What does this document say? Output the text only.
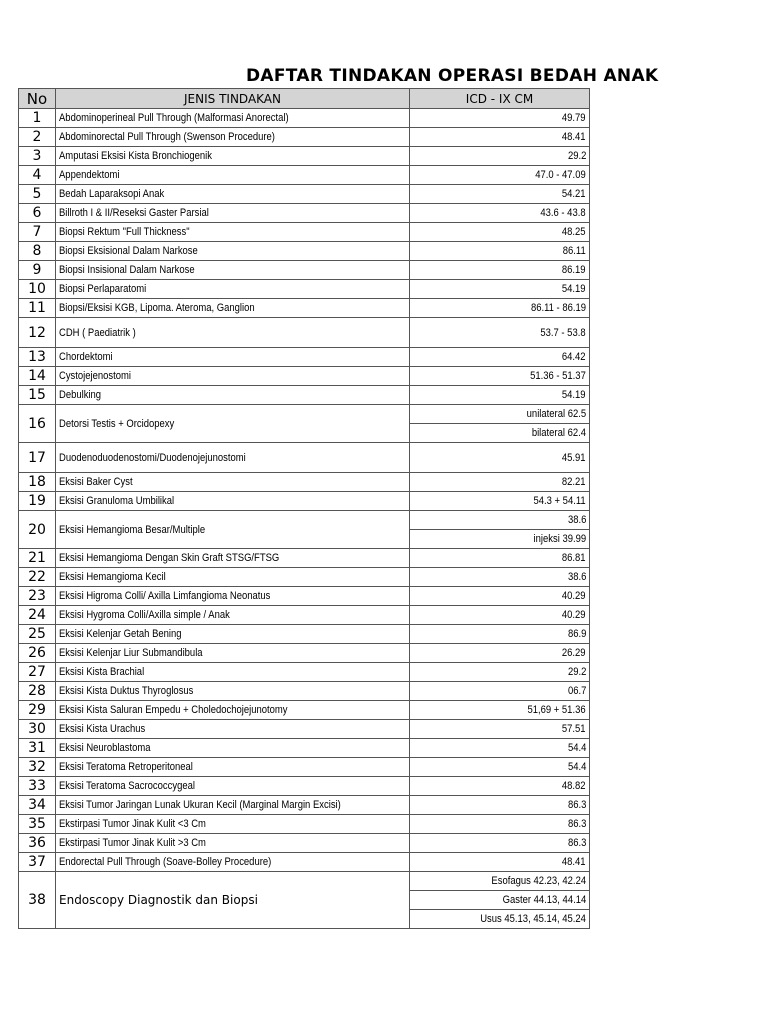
DAFTAR TINDAKAN OPERASI BEDAH ANAK
No	JENIS TINDAKAN	ICD - IX CM
1	Abdominoperineal Pull Through (Malformasi Anorectal)	49.79
2	Abdominorectal Pull Through (Swenson Procedure)	48.41
3	Amputasi Eksisi Kista Bronchiogenik	29.2
4	Appendektomi	47.0 - 47.09
5	Bedah Laparaksopi Anak	54.21
6	Billroth I & II/Reseksi Gaster Parsial	43.6 - 43.8
7	Biopsi Rektum "Full Thickness"	48.25
8	Biopsi Eksisional Dalam Narkose	86.11
9	Biopsi Insisional Dalam Narkose	86.19
10	Biopsi Perlaparatomi	54.19
11	Biopsi/Eksisi KGB, Lipoma. Ateroma, Ganglion	86.11 - 86.19
12	CDH ( Paediatrik )	53.7 - 53.8
13	Chordektomi	64.42
14	Cystojejenostomi	51.36 - 51.37
15	Debulking	54.19
16	Detorsi Testis + Orcidopexy	unilateral 62.5
		bilateral 62.4
17	Duodenoduodenostomi/Duodenojejunostomi	45.91
18	Eksisi Baker Cyst	82.21
19	Eksisi Granuloma Umbilikal	54.3 + 54.11
20	Eksisi Hemangioma Besar/Multiple	38.6
		injeksi 39.99
21	Eksisi Hemangioma Dengan Skin Graft STSG/FTSG	86.81
22	Eksisi Hemangioma Kecil	38.6
23	Eksisi Higroma Colli/ Axilla Limfangioma Neonatus	40.29
24	Eksisi Hygroma Colli/Axilla simple / Anak	40.29
25	Eksisi Kelenjar Getah Bening	86.9
26	Eksisi Kelenjar Liur Submandibula	26.29
27	Eksisi Kista Brachial	29.2
28	Eksisi Kista Duktus Thyroglosus	06.7
29	Eksisi Kista Saluran Empedu + Choledochojejunotomy	51,69 + 51.36
30	Eksisi Kista Urachus	57.51
31	Eksisi Neuroblastoma	54.4
32	Eksisi Teratoma Retroperitoneal	54.4
33	Eksisi Teratoma Sacrococcygeal	48.82
34	Eksisi Tumor Jaringan Lunak Ukuran Kecil (Marginal Margin Excisi)	86.3
35	Ekstirpasi Tumor Jinak Kulit <3 Cm	86.3
36	Ekstirpasi Tumor Jinak Kulit >3 Cm	86.3
37	Endorectal Pull Through (Soave-Bolley Procedure)	48.41
38	Endoscopy Diagnostik dan Biopsi	Esofagus 42.23, 42.24
		Gaster 44.13, 44.14
		Usus 45.13, 45.14, 45.24
